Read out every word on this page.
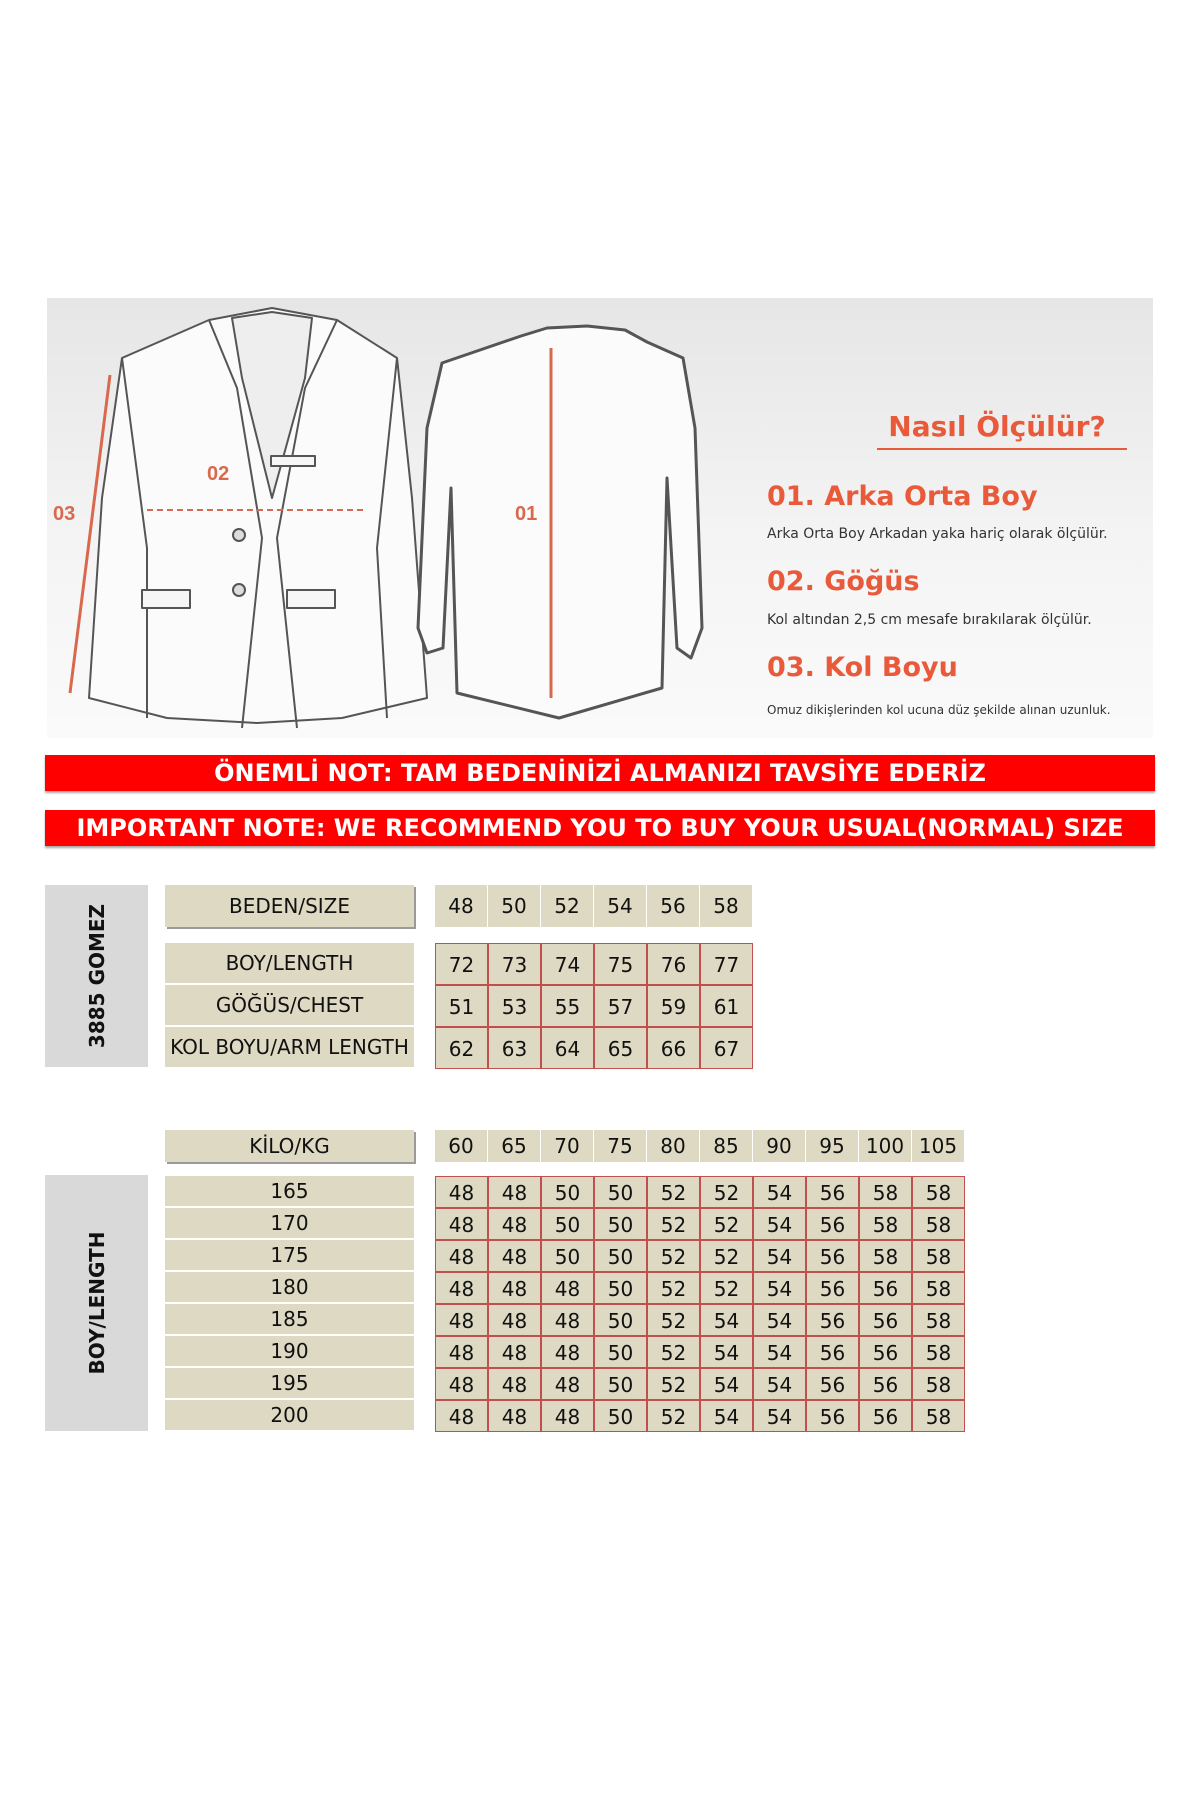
03
02
01
Nasıl Ölçülür?
01. Arka Orta Boy
Arka Orta Boy Arkadan yaka hariç olarak ölçülür.
02. Göğüs
Kol altından 2,5 cm mesafe bırakılarak ölçülür.
03. Kol Boyu
Omuz dikişlerinden kol ucuna düz şekilde alınan uzunluk.
ÖNEMLİ NOT: TAM BEDENİNİZİ ALMANIZI TAVSİYE EDERİZ
IMPORTANT NOTE: WE RECOMMEND YOU TO BUY YOUR USUAL(NORMAL) SIZE
3885 GOMEZ	BEDEN/SIZE	48	50	52	54	56	58
BOY/LENGTH	72	73	74	75	76	77
GÖĞÜS/CHEST	51	53	55	57	59	61
KOL BOYU/ARM LENGTH	62	63	64	65	66	67
KİLO/KG	60	65	70	75	80	85	90	95	100 105
BOY/LENGTH
165	48	48	50	50	52	52	54	56	58	58
170	48	48	50	50	52	52	54	56	58	58
175	48	48	50	50	52	52	54	56	58	58
180	48	48	48	50	52	52	54	56	56	58
185	48	48	48	50	52	54	54	56	56	58
190	48	48	48	50	52	54	54	56	56	58
195	48	48	48	50	52	54	54	56	56	58
200	48	48	48	50	52	54	54	56	56	58
